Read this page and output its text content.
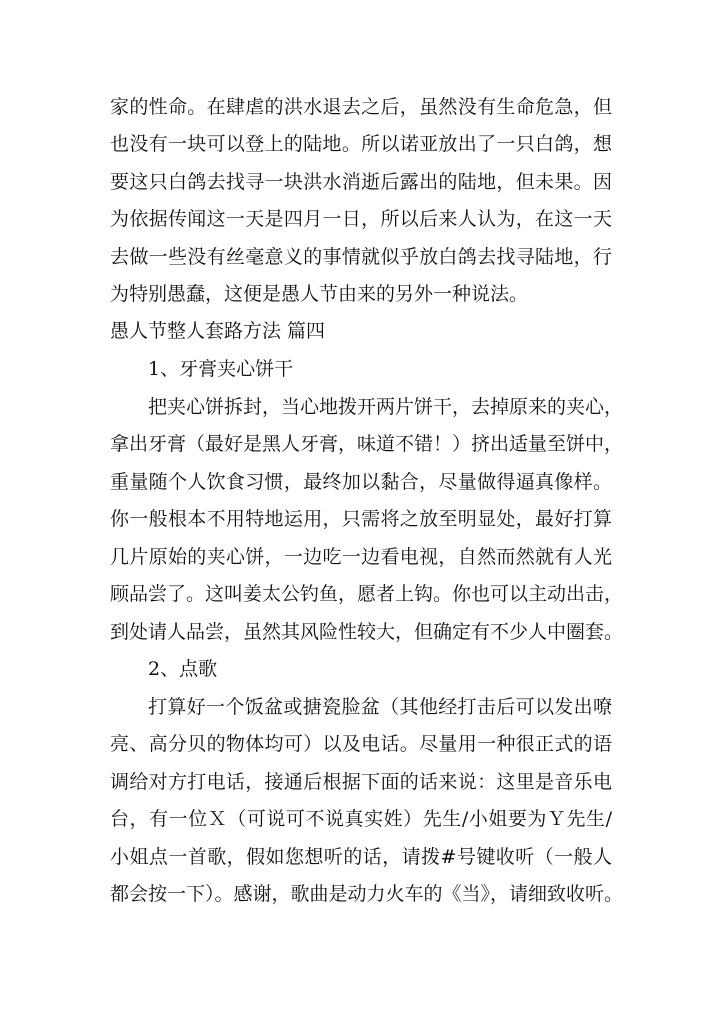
家的性命。在肆虐的洪水退去之后，虽然没有生命危急，但
也没有一块可以登上的陆地。所以诺亚放出了一只白鸽，想
要这只白鸽去找寻一块洪水消逝后露出的陆地，但未果。因
为依据传闻这一天是四月一日，所以后来人认为，在这一天
去做一些没有丝毫意义的事情就似乎放白鸽去找寻陆地，行
为特别愚蠢，这便是愚人节由来的另外一种说法。
愚人节整人套路方法 篇四
1、牙膏夹心饼干
把夹心饼拆封，当心地拨开两片饼干，去掉原来的夹心，
拿出牙膏（最好是黑人牙膏，味道不错！）挤出适量至饼中，
重量随个人饮食习惯，最终加以黏合，尽量做得逼真像样。
你一般根本不用特地运用，只需将之放至明显处，最好打算
几片原始的夹心饼，一边吃一边看电视，自然而然就有人光
顾品尝了。这叫姜太公钓鱼，愿者上钩。你也可以主动出击，
到处请人品尝，虽然其风险性较大，但确定有不少人中圈套。
2、点歌
打算好一个饭盆或搪瓷脸盆（其他经打击后可以发出嘹
亮、高分贝的物体均可）以及电话。尽量用一种很正式的语
调给对方打电话，接通后根据下面的话来说：这里是音乐电
台，有一位Ｘ（可说可不说真实姓）先生/小姐要为Ｙ先生/
小姐点一首歌，假如您想听的话，请拨#号键收听（一般人
都会按一下）。感谢，歌曲是动力火车的《当》，请细致收听。
